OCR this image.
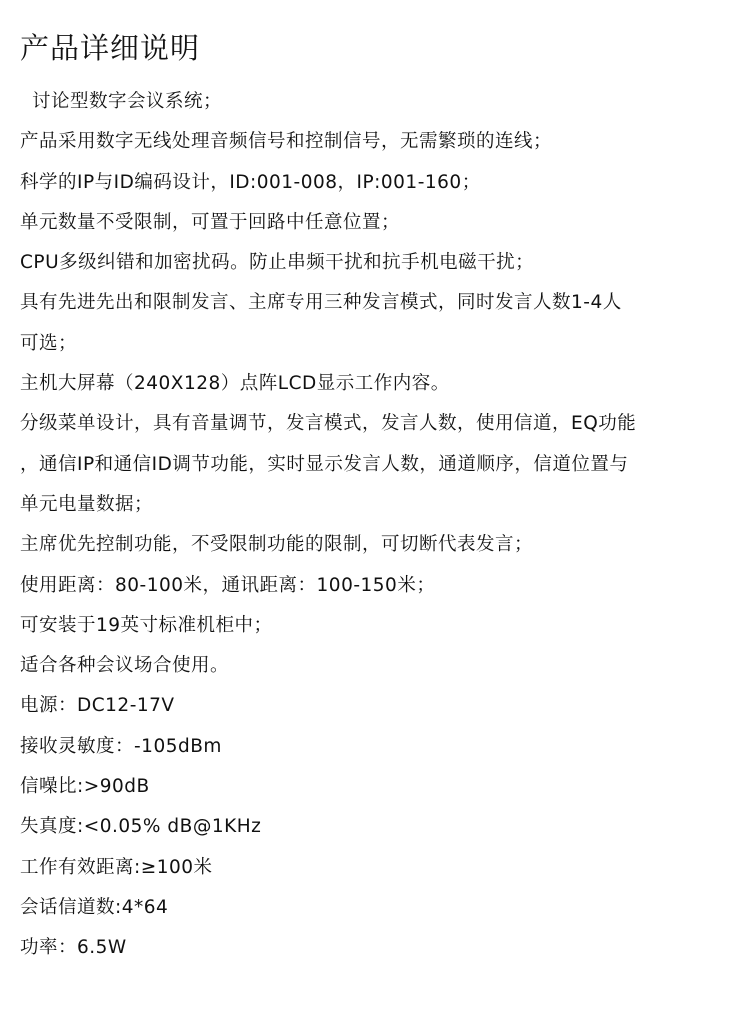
产品详细说明
讨论型数字会议系统；
产品采用数字无线处理音频信号和控制信号，无需繁琐的连线；
科学的IP与ID编码设计，ID:001-008，IP:001-160；
单元数量不受限制，可置于回路中任意位置；
CPU多级纠错和加密扰码。防止串频干扰和抗手机电磁干扰；
具有先进先出和限制发言、主席专用三种发言模式，同时发言人数1-4人
可选；
主机大屏幕（240X128）点阵LCD显示工作内容。
分级菜单设计，具有音量调节，发言模式，发言人数，使用信道，EQ功能
，通信IP和通信ID调节功能，实时显示发言人数，通道顺序，信道位置与
单元电量数据；
主席优先控制功能，不受限制功能的限制，可切断代表发言；
使用距离：80-100米，通讯距离：100-150米；
可安装于19英寸标准机柜中；
适合各种会议场合使用。
电源：DC12-17V
接收灵敏度：-105dBm
信噪比:>90dB
失真度:<0.05% dB@1KHz
工作有效距离:≥100米
会话信道数:4*64
功率：6.5W
